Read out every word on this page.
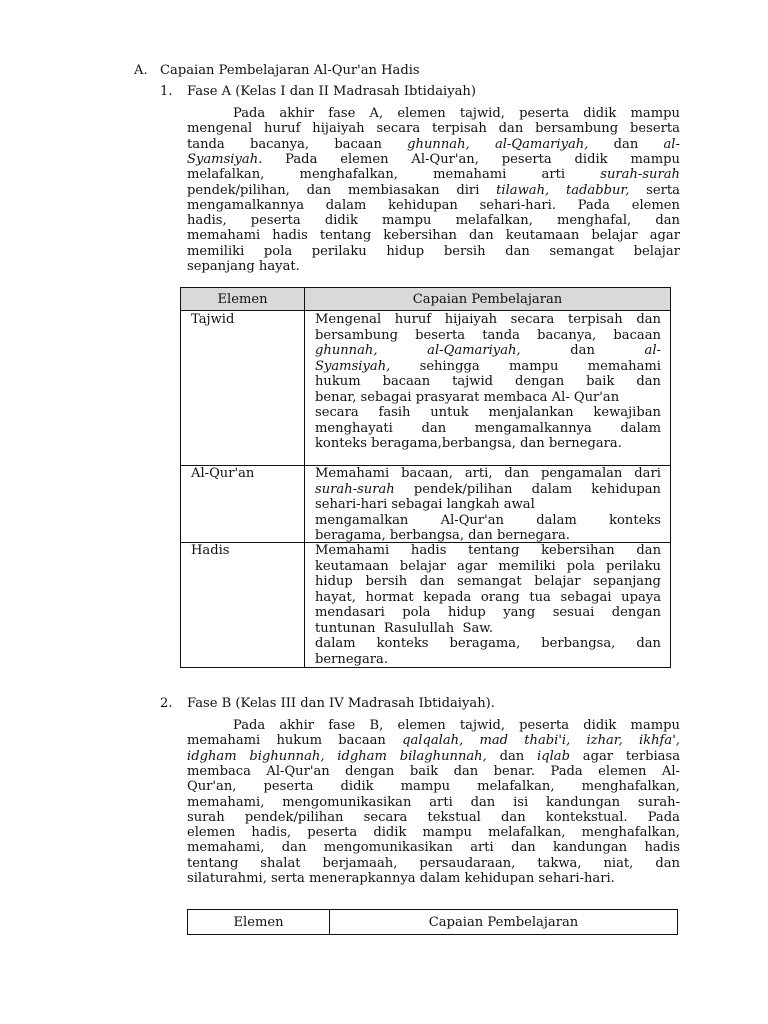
A. Capaian Pembelajaran Al-Qur'an Hadis
1. Fase A (Kelas I dan II Madrasah Ibtidaiyah)
Pada akhir fase A, elemen tajwid, peserta didik mampu
mengenal huruf hijaiyah secara terpisah dan bersambung beserta
tanda bacanya, bacaan ghunnah, al-Qamariyah, dan al-
Syamsiyah. Pada elemen Al-Qur'an, peserta didik mampu
melafalkan,	menghafalkan,	memahami	arti	surah-surah
pendek/pilihan, dan membiasakan diri tilawah, tadabbur, serta
mengamalkannya dalam kehidupan sehari-hari. Pada elemen
hadis, peserta didik mampu melafalkan, menghafal, dan
memahami hadis tentang kebersihan dan keutamaan belajar agar
memiliki pola perilaku hidup bersih dan semangat belajar
sepanjang hayat.
Elemen	Capaian Pembelajaran
Tajwid	Mengenal huruf hijaiyah secara terpisah dan
bersambung beserta tanda bacanya, bacaan
ghunnah,	al-Qamariyah,	dan	al-
Syamsiyah, sehingga mampu memahami
hukum bacaan tajwid dengan baik dan
benar, sebagai prasyarat membaca Al- Qur'an
secara fasih untuk menjalankan kewajiban
menghayati dan mengamalkannya dalam
konteks beragama,berbangsa, dan bernegara.
Al-Qur'an	Memahami bacaan, arti, dan pengamalan dari
surah-surah pendek/pilihan dalam kehidupan
sehari-hari sebagai langkah awal
mengamalkan Al-Qur'an dalam konteks
beragama, berbangsa, dan bernegara.
Hadis	Memahami hadis tentang kebersihan dan
keutamaan belajar agar memiliki pola perilaku
hidup bersih dan semangat belajar sepanjang
hayat, hormat kepada orang tua sebagai upaya
mendasari pola hidup yang sesuai dengan
tuntunan  Rasulullah  Saw.
dalam konteks beragama, berbangsa, dan
bernegara.
2. Fase B (Kelas III dan IV Madrasah Ibtidaiyah).
Pada akhir fase B, elemen tajwid, peserta didik mampu
memahami hukum bacaan qalqalah, mad thabi'i, izhar, ikhfa',
idgham bighunnah, idgham bilaghunnah, dan iqlab agar terbiasa
membaca Al-Qur'an dengan baik dan benar. Pada elemen Al-
Qur'an, peserta didik mampu melafalkan, menghafalkan,
memahami, mengomunikasikan arti dan isi kandungan surah-
surah pendek/pilihan secara tekstual dan kontekstual. Pada
elemen hadis, peserta didik mampu melafalkan, menghafalkan,
memahami, dan mengomunikasikan arti dan kandungan hadis
tentang shalat berjamaah, persaudaraan, takwa, niat, dan
silaturahmi, serta menerapkannya dalam kehidupan sehari-hari.
Elemen	Capaian Pembelajaran
